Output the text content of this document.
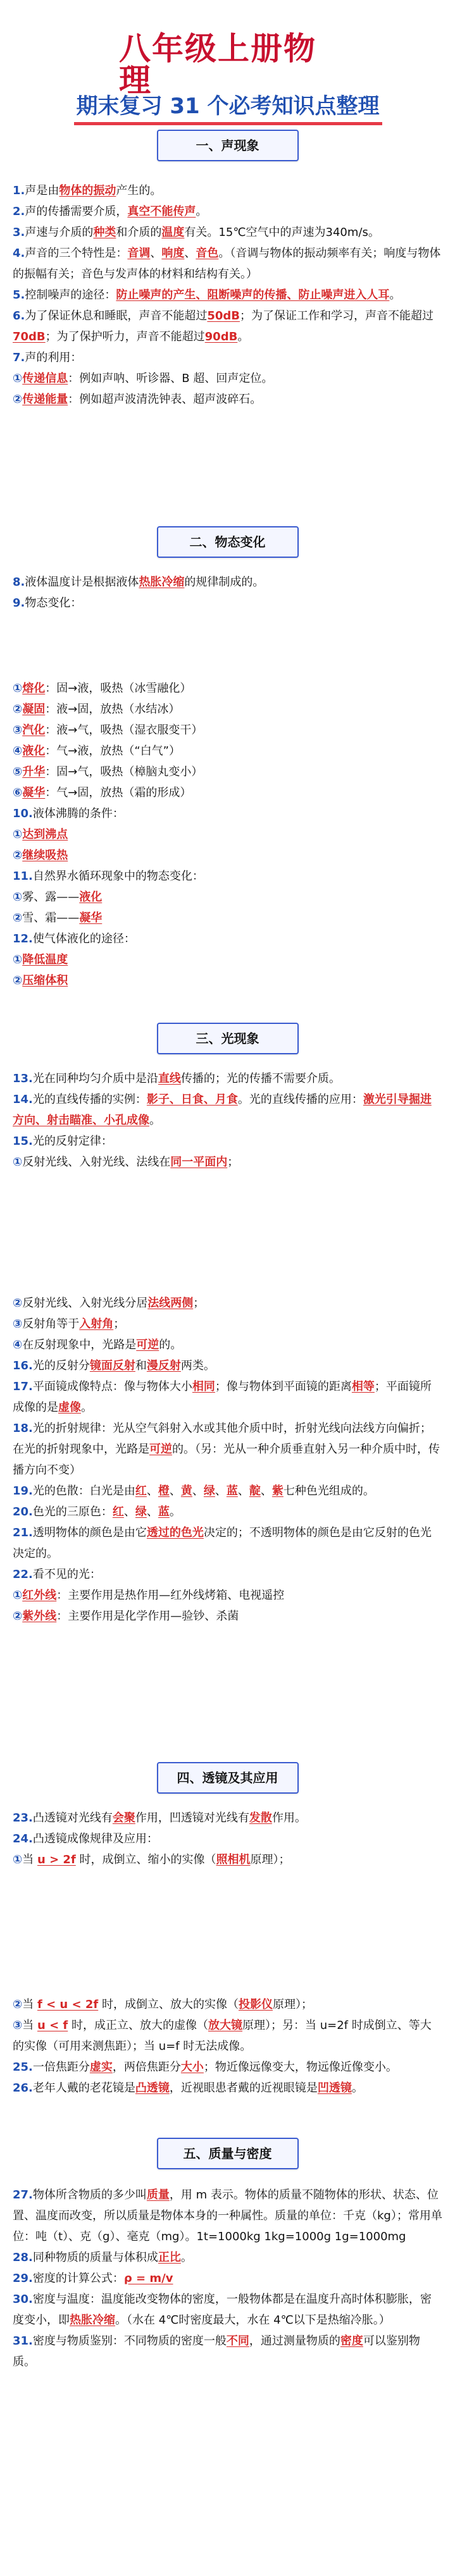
八年级上册物理
期末复习 31 个必考知识点整理
一、声现象

1.声是由物体的振动产生的。

2.声的传播需要介质，真空不能传声。

3.声速与介质的种类和介质的温度有关。15℃空气中的声速为340m/s。

4.声音的三个特性是：音调、响度、音色。（音调与物体的振动频率有关；响度与物体的振幅有关；音色与发声体的材料和结构有关。）

5.控制噪声的途径：防止噪声的产生、阻断噪声的传播、防止噪声进入人耳。

6.为了保证休息和睡眠，声音不能超过50dB；为了保证工作和学习，声音不能超过70dB；为了保护听力，声音不能超过90dB。

7.声的利用：

①传递信息：例如声呐、听诊器、B 超、回声定位。

②传递能量：例如超声波清洗钟表、超声波碎石。

二、物态变化

8.液体温度计是根据液体热胀冷缩的规律制成的。

9.物态变化：

①熔化：固→液，吸热（冰雪融化）

②凝固：液→固，放热（水结冰）

③汽化：液→气，吸热（湿衣服变干）

④液化：气→液，放热（“白气”）

⑤升华：固→气，吸热（樟脑丸变小）

⑥凝华：气→固，放热（霜的形成）

10.液体沸腾的条件：

①达到沸点

②继续吸热

11.自然界水循环现象中的物态变化：

①雾、露——液化

②雪、霜——凝华

12.使气体液化的途径：

①降低温度

②压缩体积

三、光现象

13.光在同种均匀介质中是沿直线传播的；光的传播不需要介质。

14.光的直线传播的实例：影子、日食、月食。光的直线传播的应用：激光引导掘进方向、射击瞄准、小孔成像。

15.光的反射定律：

①反射光线、入射光线、法线在同一平面内；

②反射光线、入射光线分居法线两侧；

③反射角等于入射角；

④在反射现象中，光路是可逆的。

16.光的反射分镜面反射和漫反射两类。

17.平面镜成像特点：像与物体大小相同；像与物体到平面镜的距离相等；平面镜所成像的是虚像。

18.光的折射规律：光从空气斜射入水或其他介质中时，折射光线向法线方向偏折；在光的折射现象中，光路是可逆的。（另：光从一种介质垂直射入另一种介质中时，传播方向不变）

19.光的色散：白光是由红、橙、黄、绿、蓝、靛、紫七种色光组成的。

20.色光的三原色：红、绿、蓝。

21.透明物体的颜色是由它透过的色光决定的；不透明物体的颜色是由它反射的色光决定的。

22.看不见的光：

①红外线：主要作用是热作用—红外线烤箱、电视遥控

②紫外线：主要作用是化学作用—验钞、杀菌

四、透镜及其应用

23.凸透镜对光线有会聚作用，凹透镜对光线有发散作用。

24.凸透镜成像规律及应用：

①当 u > 2f 时，成倒立、缩小的实像（照相机原理）；

②当 f < u < 2f 时，成倒立、放大的实像（投影仪原理）；

③当 u < f 时，成正立、放大的虚像（放大镜原理）；另：当 u=2f 时成倒立、等大的实像（可用来测焦距）；当 u=f 时无法成像。

25.一倍焦距分虚实，两倍焦距分大小；物近像远像变大，物远像近像变小。

26.老年人戴的老花镜是凸透镜，近视眼患者戴的近视眼镜是凹透镜。

五、质量与密度

27.物体所含物质的多少叫质量，用 m 表示。物体的质量不随物体的形状、状态、位置、温度而改变，所以质量是物体本身的一种属性。质量的单位：千克（kg）；常用单位：吨（t）、克（g）、毫克（mg）。1t=1000kg 1kg=1000g 1g=1000mg

28.同种物质的质量与体积成正比。

29.密度的计算公式：ρ = m/v

30.密度与温度：温度能改变物体的密度，一般物体都是在温度升高时体积膨胀，密度变小，即热胀冷缩。（水在 4℃时密度最大，水在 4℃以下是热缩冷胀。）

31.密度与物质鉴别：不同物质的密度一般不同，通过测量物质的密度可以鉴别物质。
